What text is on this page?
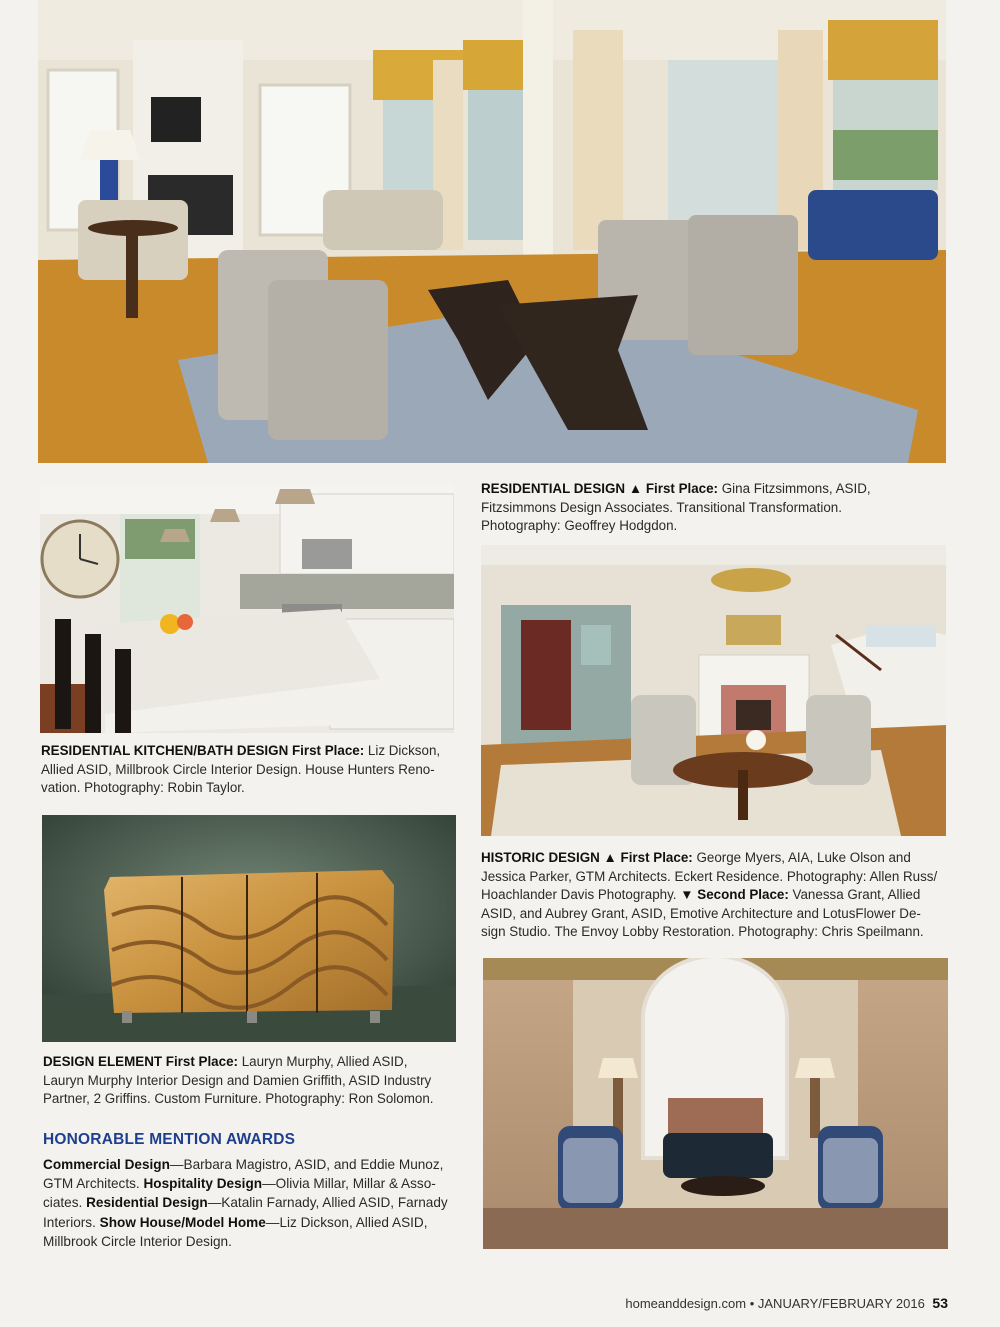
RESIDENTIAL DESIGN ▲ First Place: Gina Fitzsimmons, ASID,
Fitzsimmons Design Associates. Transitional Transformation.
Photography: Geoffrey Hodgdon.
RESIDENTIAL KITCHEN/BATH DESIGN First Place: Liz Dickson,
Allied ASID, Millbrook Circle Interior Design. House Hunters Reno-
vation. Photography: Robin Taylor.
HISTORIC DESIGN ▲ First Place: George Myers, AIA, Luke Olson and
Jessica Parker, GTM Architects. Eckert Residence. Photography: Allen Russ/
Hoachlander Davis Photography. ▼ Second Place: Vanessa Grant, Allied
ASID, and Aubrey Grant, ASID, Emotive Architecture and LotusFlower De-
sign Studio. The Envoy Lobby Restoration. Photography: Chris Speilmann.
DESIGN ELEMENT First Place: Lauryn Murphy, Allied ASID,
Lauryn Murphy Interior Design and Damien Griffith, ASID Industry
Partner, 2 Griffins. Custom Furniture. Photography: Ron Solomon.
HONORABLE MENTION AWARDS
Commercial Design—Barbara Magistro, ASID, and Eddie Munoz,
GTM Architects. Hospitality Design—Olivia Millar, Millar & Asso-
ciates. Residential Design—Katalin Farnady, Allied ASID, Farnady
Interiors. Show House/Model Home—Liz Dickson, Allied ASID,
Millbrook Circle Interior Design.
homeanddesign.com • JANUARY/FEBRUARY 2016 53
